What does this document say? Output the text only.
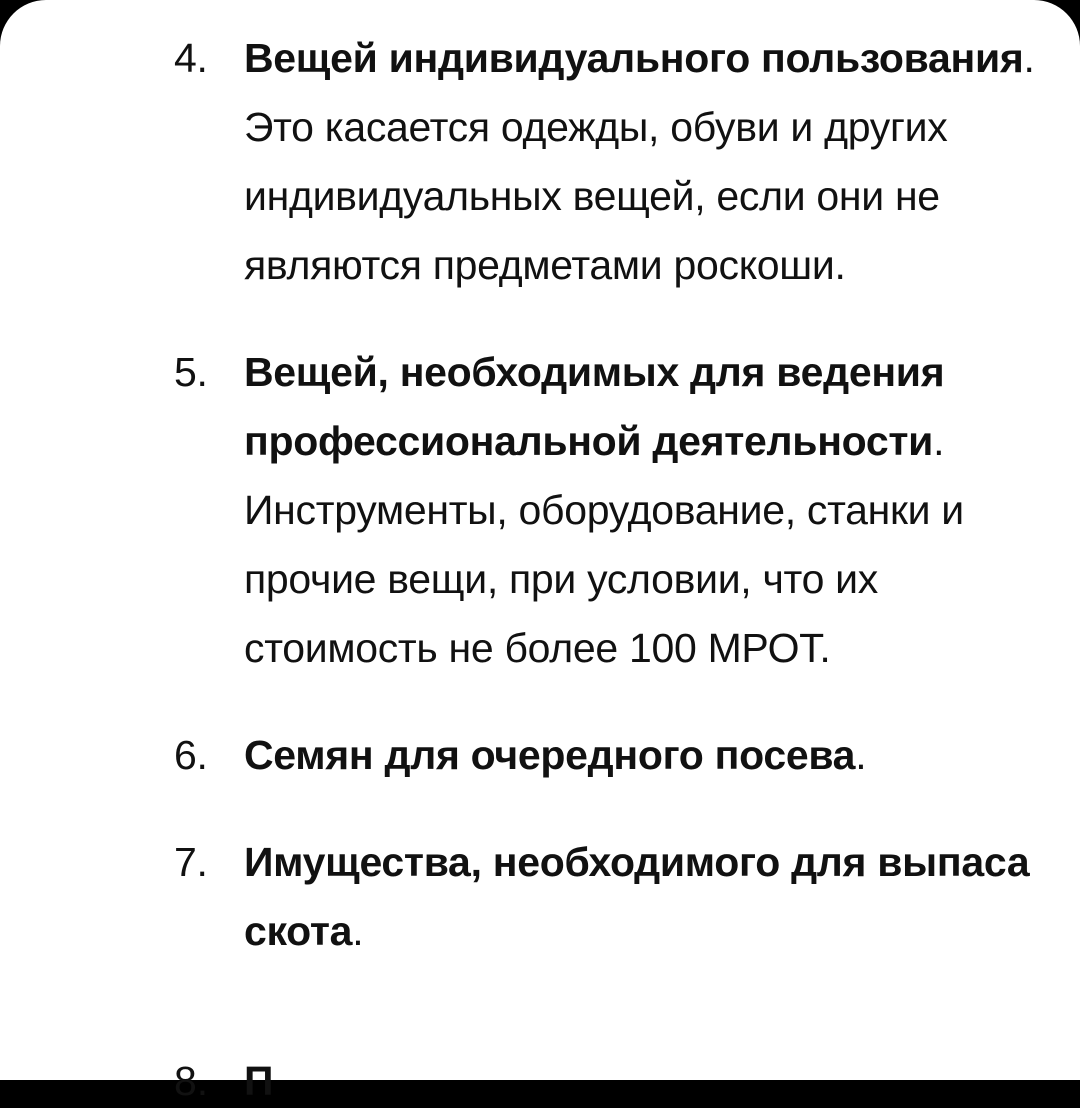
4. Вещей индивидуального пользования. Это касается одежды, обуви и других индивидуальных вещей, если они не являются предметами роскоши.
5. Вещей, необходимых для ведения профессиональной деятельности. Инструменты, оборудование, станки и прочие вещи, при условии, что их стоимость не более 100 МРОТ.
6. Семян для очередного посева.
7. Имущества, необходимого для выпаса скота.
8. П
